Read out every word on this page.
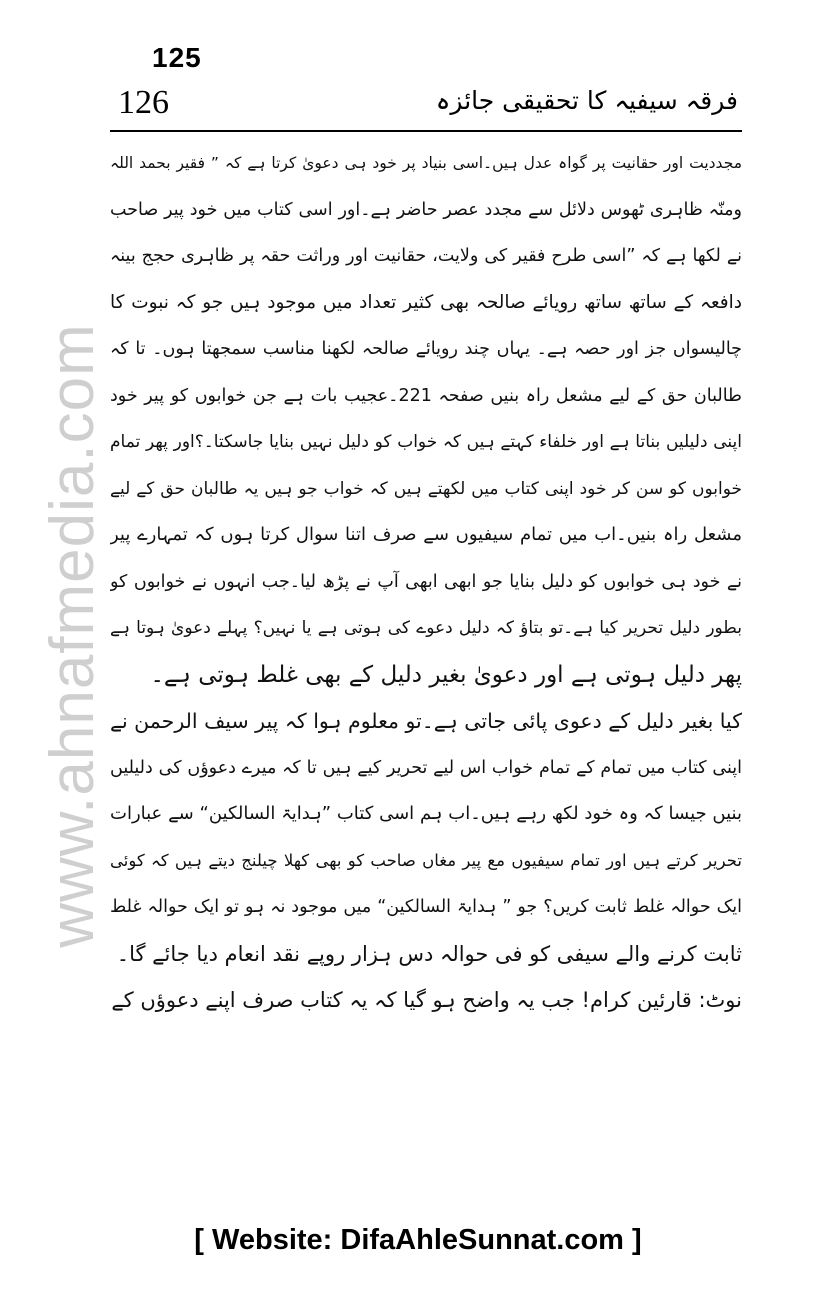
125
126	فرقہ سیفیہ کا تحقیقی جائزہ
www.ahnafmedia.com
مجددیت اور حقانیت پر گواہ عدل ہیں۔اسی بنیاد پر خود ہی دعویٰ کرتا ہے کہ ” فقیر بحمد اللہ
ومنّہ ظاہری ٹھوس دلائل سے مجدد عصر حاضر ہے۔اور اسی کتاب میں خود پیر صاحب
نے لکھا ہے کہ ”اسی طرح فقیر کی ولایت، حقانیت اور وراثت حقہ پر ظاہری حجج بینہ
دافعہ کے ساتھ ساتھ رویائے صالحہ بھی کثیر تعداد میں موجود ہیں جو کہ نبوت کا
چالیسواں جز اور حصہ ہے۔ یہاں چند رویائے صالحہ لکھنا مناسب سمجھتا ہوں۔ تا کہ
طالبان حق کے لیے مشعل راہ بنیں صفحہ 221۔عجیب بات ہے جن خوابوں کو پیر خود
اپنی دلیلیں بناتا ہے اور خلفاء کہتے ہیں کہ خواب کو دلیل نہیں بنایا جاسکتا۔؟اور پھر تمام
خوابوں کو سن کر خود اپنی کتاب میں لکھتے ہیں کہ خواب جو ہیں یہ طالبان حق کے لیے
مشعل راہ بنیں۔اب میں تمام سیفیوں سے صرف اتنا سوال کرتا ہوں کہ تمہارے پیر
نے خود ہی خوابوں کو دلیل بنایا جو ابھی ابھی آپ نے پڑھ لیا۔جب انہوں نے خوابوں کو
بطور دلیل تحریر کیا ہے۔تو بتاؤ کہ دلیل دعوے کی ہوتی ہے یا نہیں؟ پہلے دعویٰ ہوتا ہے
پھر دلیل ہوتی ہے اور دعویٰ بغیر دلیل کے بھی غلط ہوتی ہے۔
کیا بغیر دلیل کے دعوی پائی جاتی ہے۔تو معلوم ہوا کہ پیر سیف الرحمن نے
اپنی کتاب میں تمام کے تمام خواب اس لیے تحریر کیے ہیں تا کہ میرے دعوؤں کی دلیلیں
بنیں جیسا کہ وہ خود لکھ رہے ہیں۔اب ہم اسی کتاب ”ہدایۃ السالکین“ سے عبارات
تحریر کرتے ہیں اور تمام سیفیوں مع پیر مغاں صاحب کو بھی کھلا چیلنج دیتے ہیں کہ کوئی
ایک حوالہ غلط ثابت کریں؟ جو ” ہدایۃ السالکین“ میں موجود نہ ہو تو ایک حوالہ غلط
ثابت کرنے والے سیفی کو فی حوالہ دس ہزار روپے نقد انعام دیا جائے گا۔
نوٹ: قارئین کرام! جب یہ واضح ہو گیا کہ یہ کتاب صرف اپنے دعوؤں کے
[ Website: DifaAhleSunnat.com ]
